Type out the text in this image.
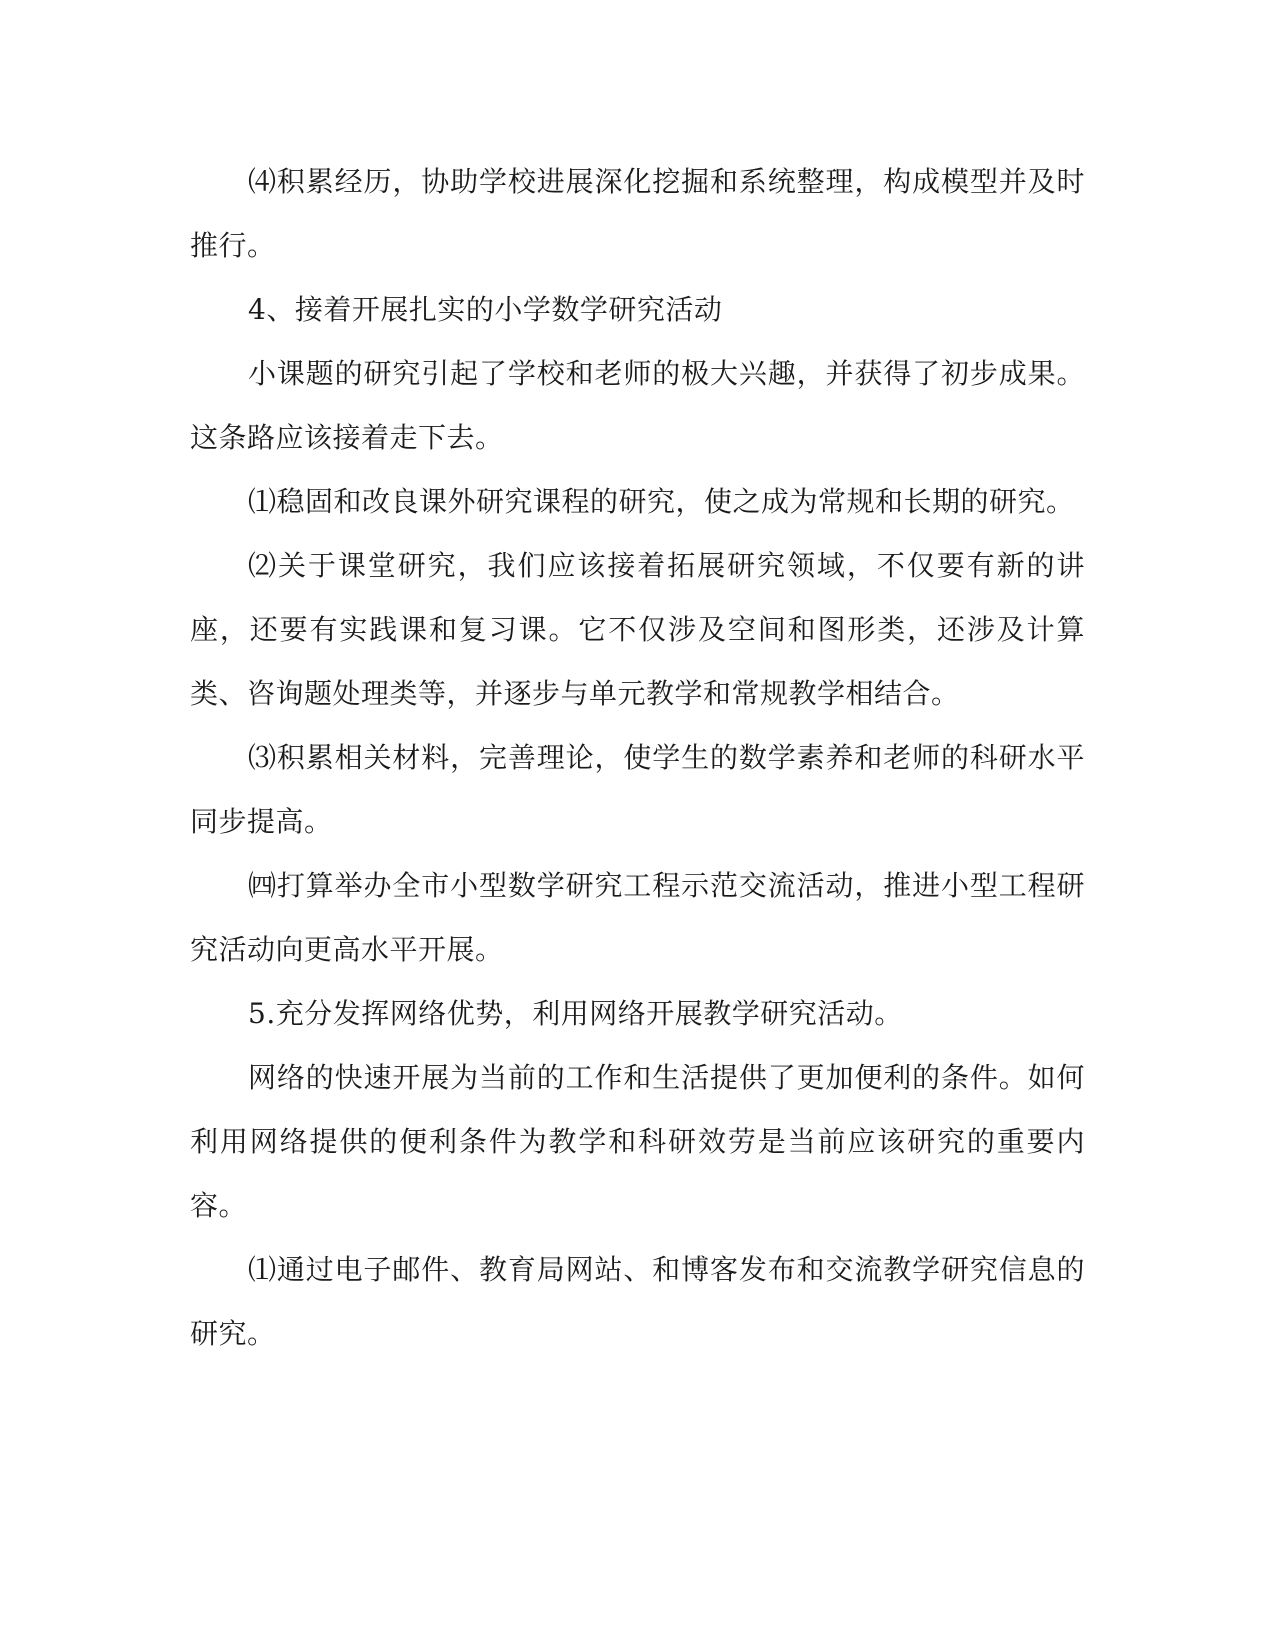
⑷积累经历，协助学校进展深化挖掘和系统整理，构成模型并及时推行。

4、接着开展扎实的小学数学研究活动

小课题的研究引起了学校和老师的极大兴趣，并获得了初步成果。这条路应该接着走下去。

⑴稳固和改良课外研究课程的研究，使之成为常规和长期的研究。

⑵关于课堂研究，我们应该接着拓展研究领域，不仅要有新的讲座，还要有实践课和复习课。它不仅涉及空间和图形类，还涉及计算类、咨询题处理类等，并逐步与单元教学和常规教学相结合。

⑶积累相关材料，完善理论，使学生的数学素养和老师的科研水平同步提高。

㈣打算举办全市小型数学研究工程示范交流活动，推进小型工程研究活动向更高水平开展。

5.充分发挥网络优势，利用网络开展教学研究活动。

网络的快速开展为当前的工作和生活提供了更加便利的条件。如何利用网络提供的便利条件为教学和科研效劳是当前应该研究的重要内容。

⑴通过电子邮件、教育局网站、和博客发布和交流教学研究信息的研究。
